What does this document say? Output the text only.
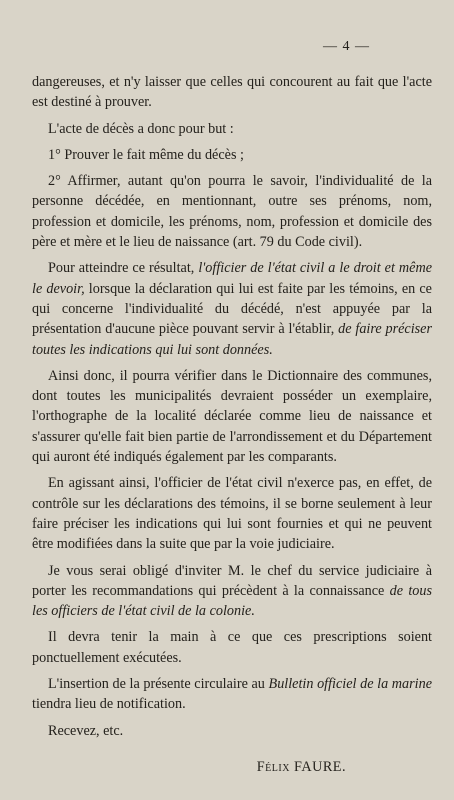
— 4 —

dangereuses, et n'y laisser que celles qui concourent au fait que l'acte est destiné à prouver.

L'acte de décès a donc pour but :

1° Prouver le fait même du décès ;

2° Affirmer, autant qu'on pourra le savoir, l'individualité de la personne décédée, en mentionnant, outre ses prénoms, nom, profession et domicile, les prénoms, nom, profession et domicile des père et mère et le lieu de naissance (art. 79 du Code civil).

Pour atteindre ce résultat, l'officier de l'état civil a le droit et même le devoir, lorsque la déclaration qui lui est faite par les témoins, en ce qui concerne l'individualité du décédé, n'est appuyée par la présentation d'aucune pièce pouvant servir à l'établir, de faire préciser toutes les indications qui lui sont données.

Ainsi donc, il pourra vérifier dans le Dictionnaire des communes, dont toutes les municipalités devraient posséder un exemplaire, l'orthographe de la localité déclarée comme lieu de naissance et s'assurer qu'elle fait bien partie de l'arrondissement et du Département qui auront été indiqués également par les comparants.

En agissant ainsi, l'officier de l'état civil n'exerce pas, en effet, de contrôle sur les déclarations des témoins, il se borne seulement à leur faire préciser les indications qui lui sont fournies et qui ne peuvent être modifiées dans la suite que par la voie judiciaire.

Je vous serai obligé d'inviter M. le chef du service judiciaire à porter les recommandations qui précèdent à la connaissance de tous les officiers de l'état civil de la colonie.

Il devra tenir la main à ce que ces prescriptions soient ponctuellement exécutées.

L'insertion de la présente circulaire au Bulletin officiel de la marine tiendra lieu de notification.

Recevez, etc.

Félix FAURE.
